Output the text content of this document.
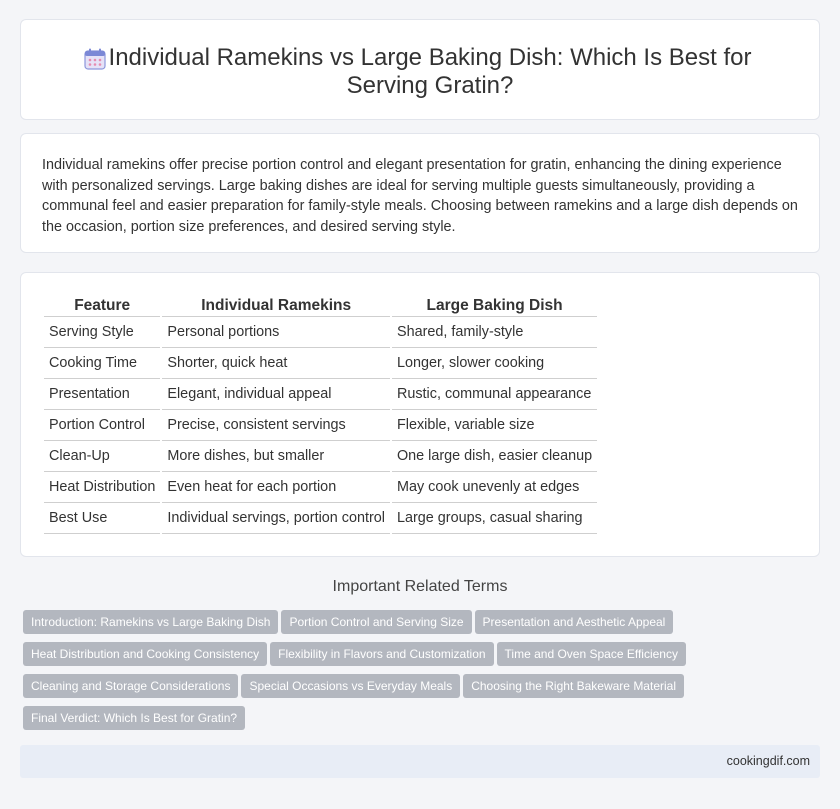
Individual Ramekins vs Large Baking Dish: Which Is Best for Serving Gratin?

Individual ramekins offer precise portion control and elegant presentation for gratin, enhancing the dining experience with personalized servings. Large baking dishes are ideal for serving multiple guests simultaneously, providing a communal feel and easier preparation for family-style meals. Choosing between ramekins and a large dish depends on the occasion, portion size preferences, and desired serving style.

Feature	Individual Ramekins	Large Baking Dish
Serving Style	Personal portions	Shared, family-style
Cooking Time	Shorter, quick heat	Longer, slower cooking
Presentation	Elegant, individual appeal	Rustic, communal appearance
Portion Control	Precise, consistent servings	Flexible, variable size
Clean-Up	More dishes, but smaller	One large dish, easier cleanup
Heat Distribution	Even heat for each portion	May cook unevenly at edges
Best Use	Individual servings, portion control	Large groups, casual sharing
Important Related Terms
Introduction: Ramekins vs Large Baking Dish Portion Control and Serving Size Presentation and Aesthetic Appeal
Heat Distribution and Cooking Consistency Flexibility in Flavors and Customization Time and Oven Space Efficiency
Cleaning and Storage Considerations Special Occasions vs Everyday Meals Choosing the Right Bakeware Material
Final Verdict: Which Is Best for Gratin?
cookingdif.com
